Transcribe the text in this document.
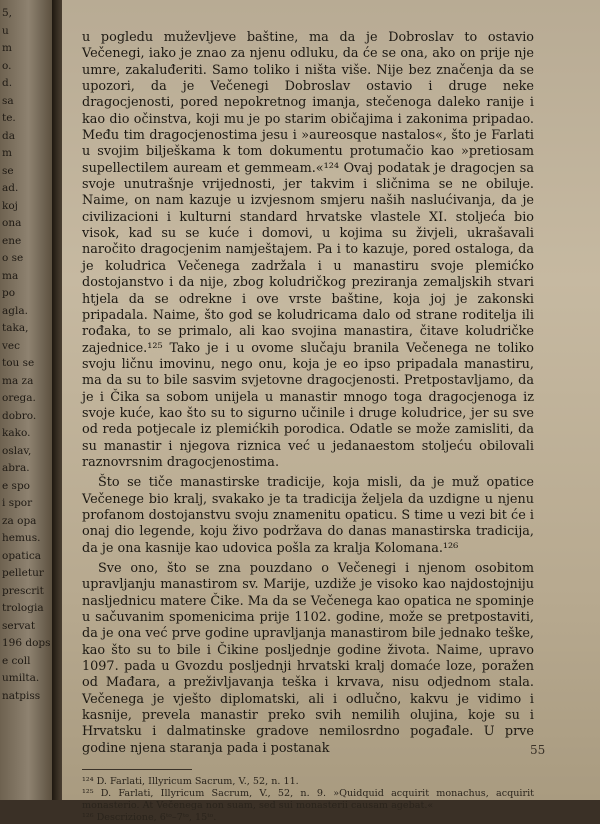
5,
u
m
o.
d.
sa
te.
da
m
se
ad.
koj
ona
ene
o se
ma
po
agla.
taka,
vec
tou se
ma za
orega.
dobro.
kako.
oslav,
abra.
e spo
i spor
za opa
hemus.
opatica
pelletur
prescrit
trologia
servat
196 dops
e coll
umilta.
natpiss

u pogledu muževljeve baštine, ma da je Dobroslav to ostavio Večenegi, iako je znao za njenu odluku, da će se ona, ako on prije nje umre, zakaluđeriti. Samo toliko i ništa više. Nije bez značenja da se upozori, da je Večenegi Dobroslav ostavio i druge neke dragocjenosti, pored nepokretnog imanja, stečenoga daleko ranije i kao dio očinstva, koji mu je po starim običajima i zakonima pripadao. Među tim dragocjenostima jesu i »aureosque nastalos«, što je Farlati u svojim bilješkama k tom dokumentu protumačio kao »pretiosam supellectilem auream et gemmeam.«¹²⁴ Ovaj podatak je dragocjen sa svoje unutrašnje vrijednosti, jer takvim i sličnima se ne obiluje. Naime, on nam kazuje u izvjesnom smjeru naših naslućivanja, da je civilizacioni i kulturni standard hrvatske vlastele XI. stoljeća bio visok, kad su se kuće i domovi, u kojima su živjeli, ukrašavali naročito dragocjenim namještajem. Pa i to kazuje, pored ostaloga, da je koludrica Večenega zadržala i u manastiru svoje plemićko dostojanstvo i da nije, zbog koludričkog preziranja zemaljskih stvari htjela da se odrekne i ove vrste baštine, koja joj je zakonski pripadala. Naime, što god se koludricama dalo od strane roditelja ili rođaka, to se primalo, ali kao svojina manastira, čitave koludričke zajednice.¹²⁵ Tako je i u ovome slučaju branila Večenega ne toliko svoju ličnu imovinu, nego onu, koja je eo ipso pripadala manastiru, ma da su to bile sasvim svjetovne dragocjenosti. Pretpostavljamo, da je i Čika sa sobom unijela u manastir mnogo toga dragocjenoga iz svoje kuće, kao što su to sigurno učinile i druge koludrice, jer su sve od reda potjecale iz plemićkih porodica. Odatle se može zamisliti, da su manastir i njegova riznica već u jedanaestom stoljeću obilovali raznovrsnim dragocjenostima.

Što se tiče manastirske tradicije, koja misli, da je muž opatice Večenege bio kralj, svakako je ta tradicija željela da uzdigne u njenu profanom dostojanstvu svoju znamenitu opaticu. S time u vezi bit će i onaj dio legende, koju živo podržava do danas manastirska tradicija, da je ona kasnije kao udovica pošla za kralja Kolomana.¹²⁶

Sve ono, što se zna pouzdano o Večenegi i njenom osobitom upravljanju manastirom sv. Marije, uzdiže je visoko kao najdostojniju nasljednicu matere Čike. Ma da se Večenega kao opatica ne spominje u sačuvanim spomenicima prije 1102. godine, može se pretpostaviti, da je ona već prve godine upravljanja manastirom bile jednako teške, kao što su to bile i Čikine posljednje godine života. Naime, upravo 1097. pada u Gvozdu posljednji hrvatski kralj domaće loze, poražen od Mađara, a preživljavanja teška i krvava, nisu odjednom stala. Večenega je vješto diplomatski, ali i odlučno, kakvu je vidimo i kasnije, prevela manastir preko svih nemilih olujina, koje su i Hrvatsku i dalmatinske gradove nemilosrdno pogađale. U prve godine njena staranja pada i postanak

¹²⁴ D. Farlati, Illyricum Sacrum, V., 52, n. 11.
¹²⁵ D. Farlati, Illyricum Sacrum, V., 52, n. 9. »Quidquid acquirit monachus, acquirit monasterio. At Večenega non suam, sed sui monasterii causam agebat.«
¹²⁶ Descrizione, 6ᵗᵒ–7ᵗᵒ, 15ᵗᵒ.
55
